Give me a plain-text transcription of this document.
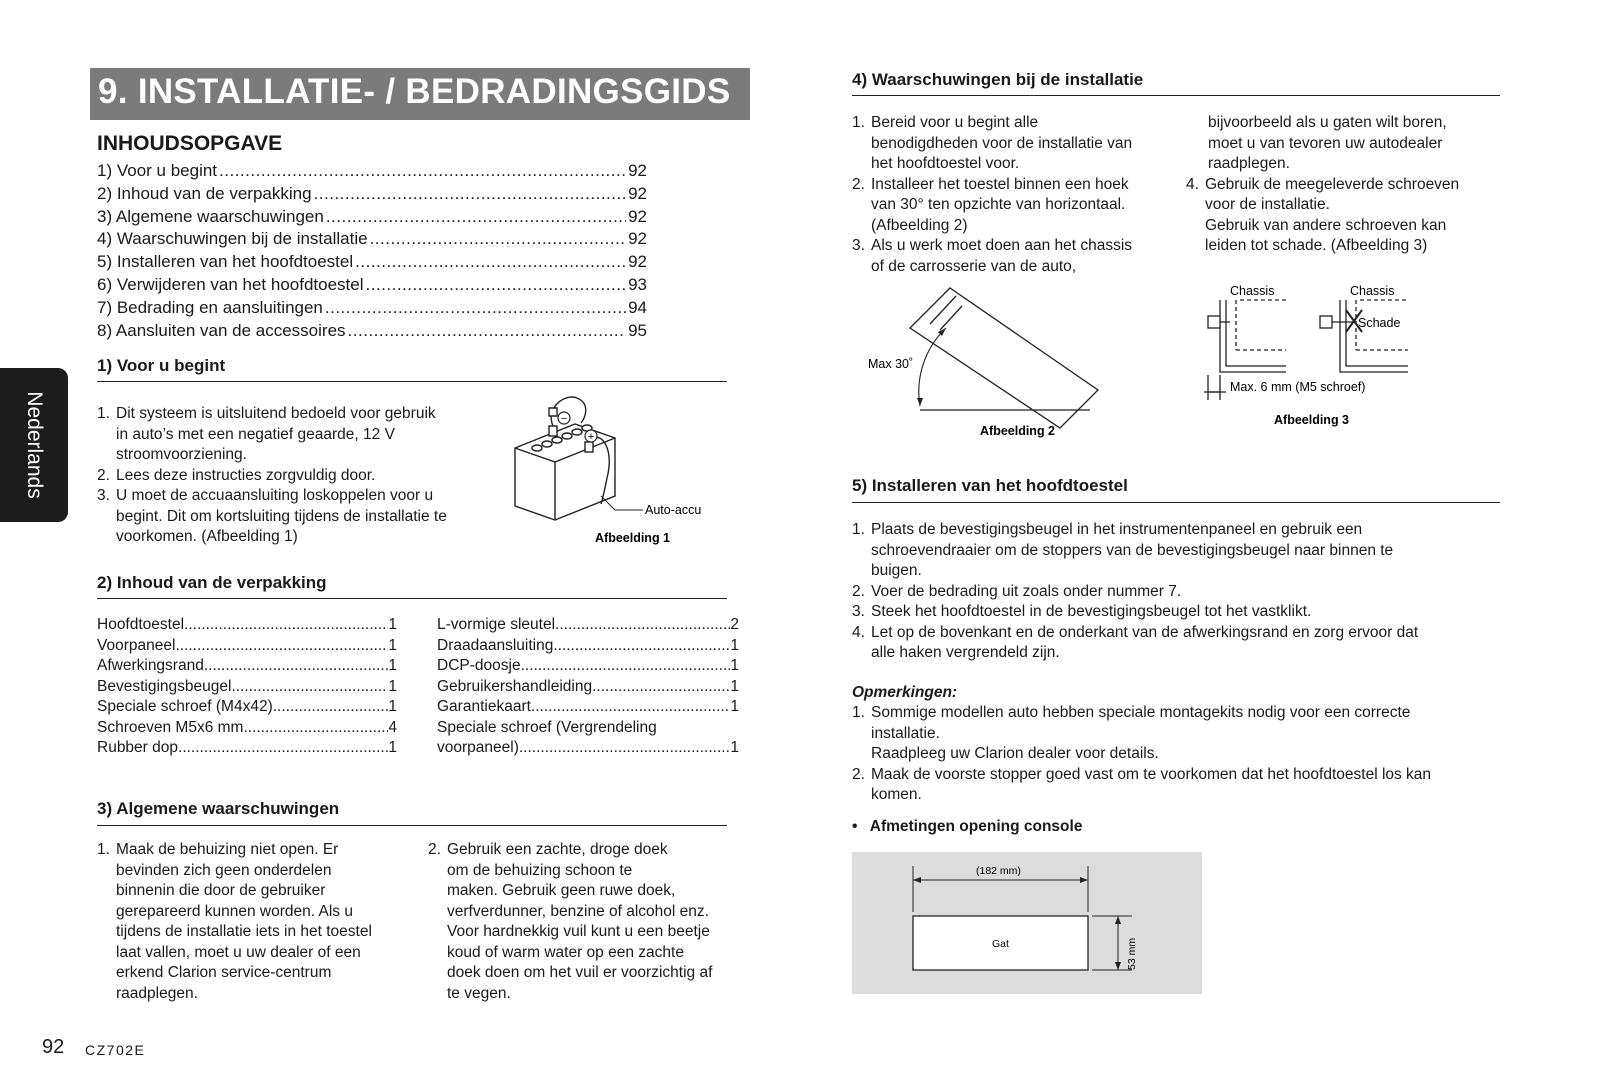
9. INSTALLATIE- / BEDRADINGSGIDS
INHOUDSOPGAVE
1) Voor u begint .....	92
2) Inhoud van de verpakking .....	92
3) Algemene waarschuwingen .....	92
4) Waarschuwingen bij de installatie .....	92
5) Installeren van het hoofdtoestel .....	92
6) Verwijderen van het hoofdtoestel .....	93
7) Bedrading en aansluitingen .....	94
8) Aansluiten van de accessoires .....	95
Nederlands
1) Voor u begint
1. Dit systeem is uitsluitend bedoeld voor gebruik
in auto’s met een negatief geaarde, 12 V
stroomvoorziening.
2. Lees deze instructies zorgvuldig door.
3. U moet de accuaansluiting loskoppelen voor u
begint. Dit om kortsluiting tijdens de installatie te
voorkomen. (Afbeelding 1)
−
+
Auto-accu
Afbeelding 1
2) Inhoud van de verpakking
Hoofdtoestel .....	1
Voorpaneel .....	1
Afwerkingsrand .....	1
Bevestigingsbeugel .....	1
Speciale schroef (M4x42) .....	1
Schroeven M5x6 mm .....	4
Rubber dop .....	1
L-vormige sleutel .....	2
Draadaansluiting .....	1
DCP-doosje .....	1
Gebruikershandleiding .....	1
Garantiekaart .....	1
Speciale schroef (Vergrendeling
voorpaneel) .....	1
3) Algemene waarschuwingen
1. Maak de behuizing niet open. Er
bevinden zich geen onderdelen
binnenin die door de gebruiker
gerepareerd kunnen worden. Als u
tijdens de installatie iets in het toestel
laat vallen, moet u uw dealer of een
erkend Clarion service-centrum
raadplegen.
2. Gebruik een zachte, droge doek
om de behuizing schoon te
maken. Gebruik geen ruwe doek,
verfverdunner, benzine of alcohol enz.
Voor hardnekkig vuil kunt u een beetje
koud of warm water op een zachte
doek doen om het vuil er voorzichtig af
te vegen.
4) Waarschuwingen bij de installatie
1. Bereid voor u begint alle
benodigdheden voor de installatie van
het hoofdtoestel voor.
2. Installeer het toestel binnen een hoek
van 30° ten opzichte van horizontaal.
(Afbeelding 2)
3. Als u werk moet doen aan het chassis
of de carrosserie van de auto,
bijvoorbeeld als u gaten wilt boren,
moet u van tevoren uw autodealer
raadplegen.
4. Gebruik de meegeleverde schroeven
voor de installatie.
Gebruik van andere schroeven kan
leiden tot schade. (Afbeelding 3)
Max 30˚
Afbeelding 2
Chassis	Chassis
Schade
Max. 6 mm (M5 schroef)
Afbeelding 3
5) Installeren van het hoofdtoestel
1. Plaats de bevestigingsbeugel in het instrumentenpaneel en gebruik een
schroevendraaier om de stoppers van de bevestigingsbeugel naar binnen te
buigen.
2. Voer de bedrading uit zoals onder nummer 7.
3. Steek het hoofdtoestel in de bevestigingsbeugel tot het vastklikt.
4. Let op de bovenkant en de onderkant van de afwerkingsrand en zorg ervoor dat
alle haken vergrendeld zijn.
Opmerkingen:
1. Sommige modellen auto hebben speciale montagekits nodig voor een correcte
installatie.
Raadpleeg uw Clarion dealer voor details.
2. Maak de voorste stopper goed vast om te voorkomen dat het hoofdtoestel los kan
komen.
• Afmetingen opening console
(182 mm)
Gat	53 mm
92 CZ702E
